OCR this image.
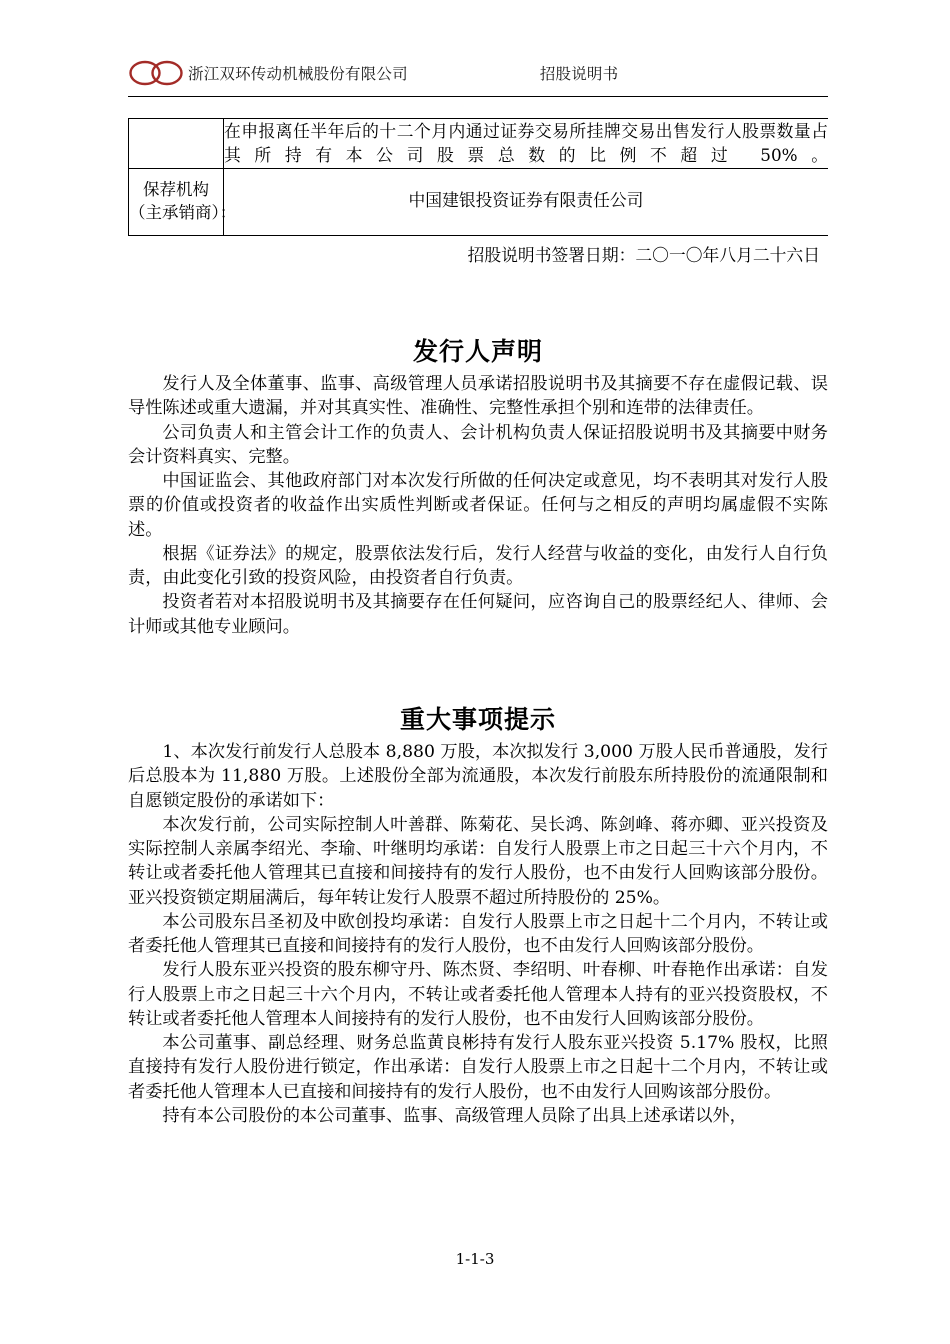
浙江双环传动机械股份有限公司	招股说明书

	在申报离任半年后的十二个月内通过证券交易所挂牌交易出售发行人股票数量占其所持有本公司股票总数的比例不超过 50%。

保荐机构
（主承销商）：	中国建银投资证券有限责任公司

招股说明书签署日期：二〇一〇年八月二十六日	
发行人声明

发行人及全体董事、监事、高级管理人员承诺招股说明书及其摘要不存在虚假记载、误导性陈述或重大遗漏，并对其真实性、准确性、完整性承担个别和连带的法律责任。

公司负责人和主管会计工作的负责人、会计机构负责人保证招股说明书及其摘要中财务会计资料真实、完整。

中国证监会、其他政府部门对本次发行所做的任何决定或意见，均不表明其对发行人股票的价值或投资者的收益作出实质性判断或者保证。任何与之相反的声明均属虚假不实陈述。

根据《证券法》的规定，股票依法发行后，发行人经营与收益的变化，由发行人自行负责，由此变化引致的投资风险，由投资者自行负责。

投资者若对本招股说明书及其摘要存在任何疑问，应咨询自己的股票经纪人、律师、会计师或其他专业顾问。

重大事项提示

1、本次发行前发行人总股本 8,880 万股，本次拟发行 3,000 万股人民币普通股，发行后总股本为 11,880 万股。上述股份全部为流通股，本次发行前股东所持股份的流通限制和自愿锁定股份的承诺如下：

本次发行前，公司实际控制人叶善群、陈菊花、吴长鸿、陈剑峰、蒋亦卿、亚兴投资及实际控制人亲属李绍光、李瑜、叶继明均承诺：自发行人股票上市之日起三十六个月内，不转让或者委托他人管理其已直接和间接持有的发行人股份，也不由发行人回购该部分股份。亚兴投资锁定期届满后，每年转让发行人股票不超过所持股份的 25%。

本公司股东吕圣初及中欧创投均承诺：自发行人股票上市之日起十二个月内，不转让或者委托他人管理其已直接和间接持有的发行人股份，也不由发行人回购该部分股份。

发行人股东亚兴投资的股东柳守丹、陈杰贤、李绍明、叶春柳、叶春艳作出承诺：自发行人股票上市之日起三十六个月内，不转让或者委托他人管理本人持有的亚兴投资股权，不转让或者委托他人管理本人间接持有的发行人股份，也不由发行人回购该部分股份。

本公司董事、副总经理、财务总监黄良彬持有发行人股东亚兴投资 5.17% 股权，比照直接持有发行人股份进行锁定，作出承诺：自发行人股票上市之日起十二个月内，不转让或者委托他人管理本人已直接和间接持有的发行人股份，也不由发行人回购该部分股份。

持有本公司股份的本公司董事、监事、高级管理人员除了出具上述承诺以外，

1-1-3
